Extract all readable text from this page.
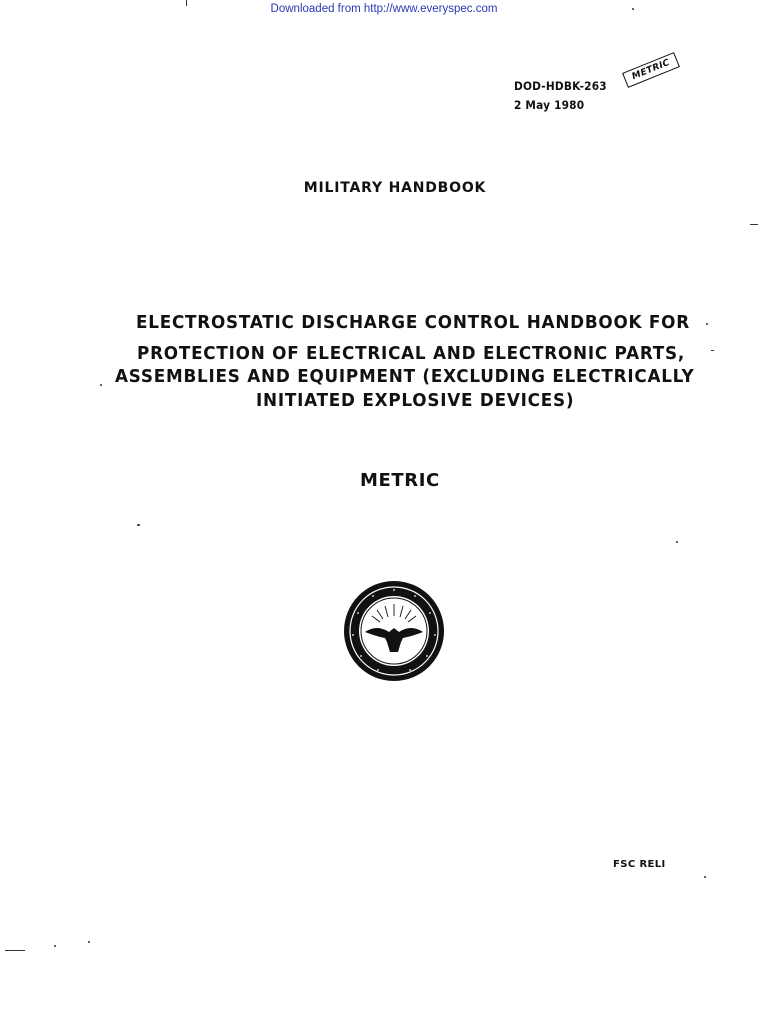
Downloaded from http://www.everyspec.com
DOD-HDBK-263
2 May 1980
METRIC
MILITARY HANDBOOK
ELECTROSTATIC DISCHARGE CONTROL HANDBOOK FOR
PROTECTION OF ELECTRICAL AND ELECTRONIC PARTS,
ASSEMBLIES AND EQUIPMENT (EXCLUDING ELECTRICALLY
INITIATED EXPLOSIVE DEVICES)
METRIC
FSC RELI
